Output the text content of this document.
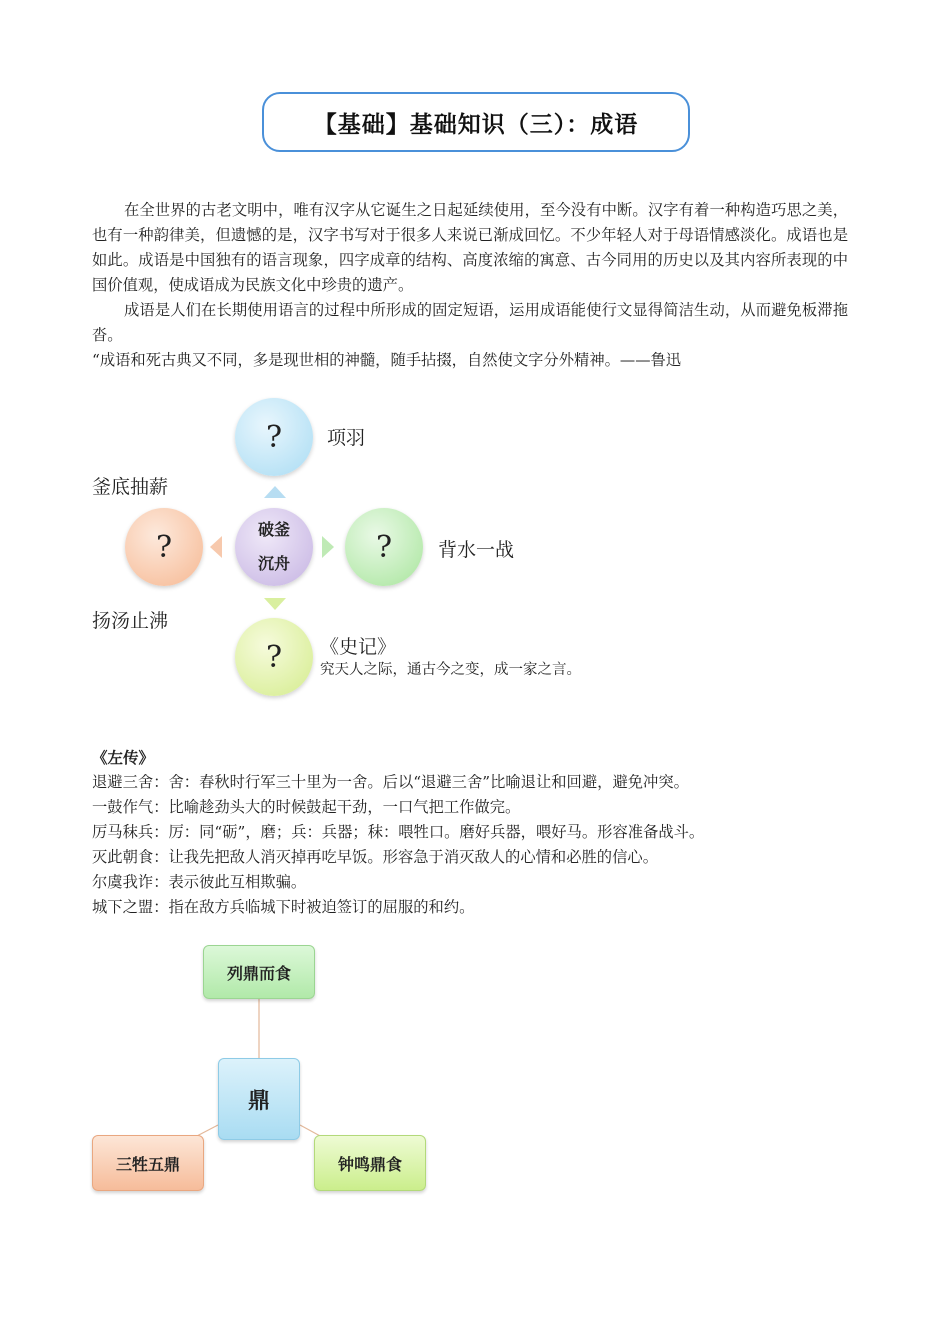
【基础】基础知识（三）：成语

在全世界的古老文明中，唯有汉字从它诞生之日起延续使用，至今没有中断。汉字有着一种构造巧思之美，也有一种韵律美，但遗憾的是，汉字书写对于很多人来说已渐成回忆。不少年轻人对于母语情感淡化。成语也是如此。成语是中国独有的语言现象，四字成章的结构、高度浓缩的寓意、古今同用的历史以及其内容所表现的中国价值观，使成语成为民族文化中珍贵的遗产。

成语是人们在长期使用语言的过程中所形成的固定短语，运用成语能使行文显得简洁生动，从而避免板滞拖沓。

“成语和死古典又不同，多是现世相的神髓，随手拈掇，自然使文字分外精神。——鲁迅

?
?	?
?
破釜
沉舟
项羽
背水一战
釜底抽薪
扬汤止沸
《史记》
究天人之际，通古今之变，成一家之言。
《左传》
退避三舍：舍：春秋时行军三十里为一舍。后以“退避三舍”比喻退让和回避，避免冲突。
一鼓作气：比喻趁劲头大的时候鼓起干劲，一口气把工作做完。
厉马秣兵：厉：同“砺”，磨；兵：兵器；秣：喂牲口。磨好兵器，喂好马。形容准备战斗。
灭此朝食：让我先把敌人消灭掉再吃早饭。形容急于消灭敌人的心情和必胜的信心。
尔虞我诈：表示彼此互相欺骗。
城下之盟：指在敌方兵临城下时被迫签订的屈服的和约。
列鼎而食
鼎
三牲五鼎	钟鸣鼎食
